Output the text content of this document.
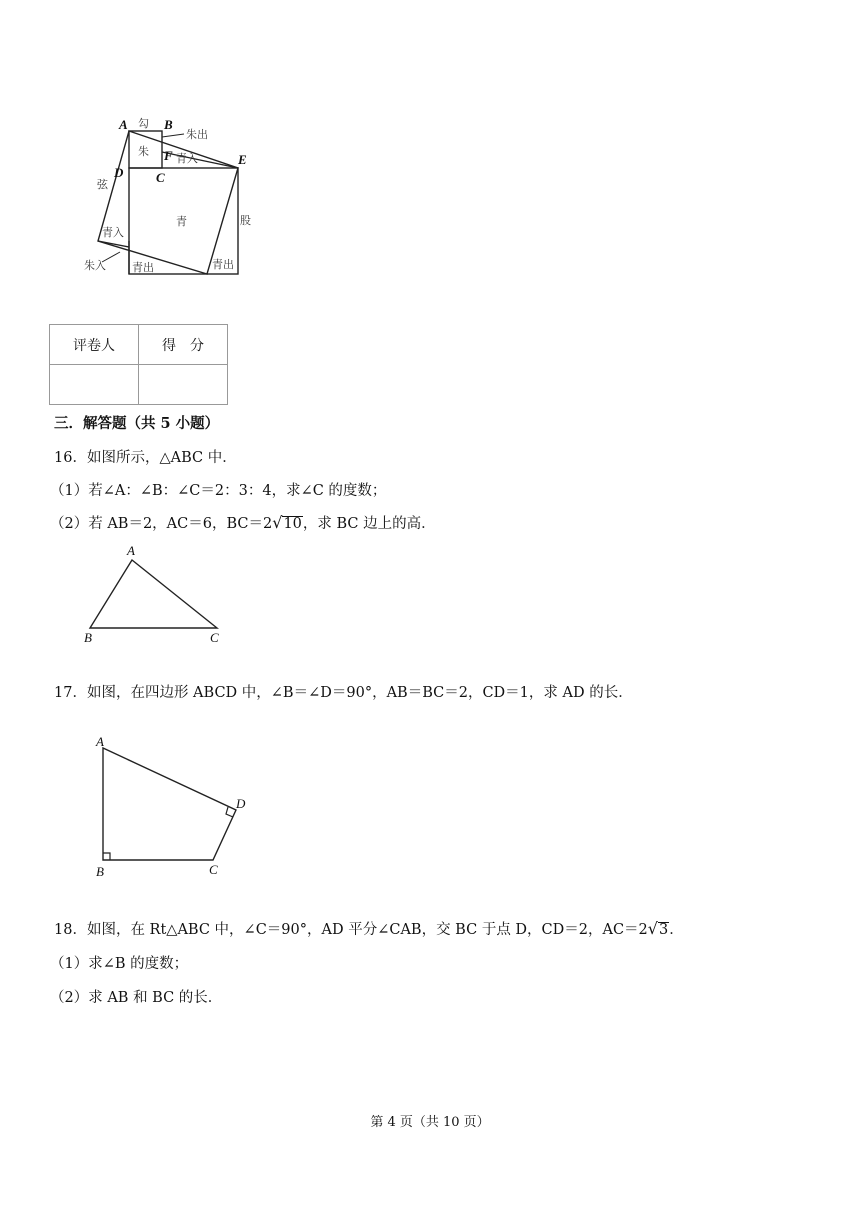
A	B
D
F
C
E
勾
弦
股
朱
青
朱出
青入
青入
朱入 青出	青出
评卷人	得　分

三．解答题（共 5 小题）
16．如图所示，△ABC 中．
（1）若∠A：∠B：∠C＝2：3：4，求∠C 的度数；
（2）若 AB＝2，AC＝6，BC＝2√10，求 BC 边上的高．
A
B	C
17．如图，在四边形 ABCD 中，∠B＝∠D＝90°，AB＝BC＝2，CD＝1，求 AD 的长．
A
B	C
D
18．如图，在 Rt△ABC 中，∠C＝90°，AD 平分∠CAB，交 BC 于点 D，CD＝2，AC＝2√3．
（1）求∠B 的度数；
（2）求 AB 和 BC 的长．
第 4 页（共 10 页）
